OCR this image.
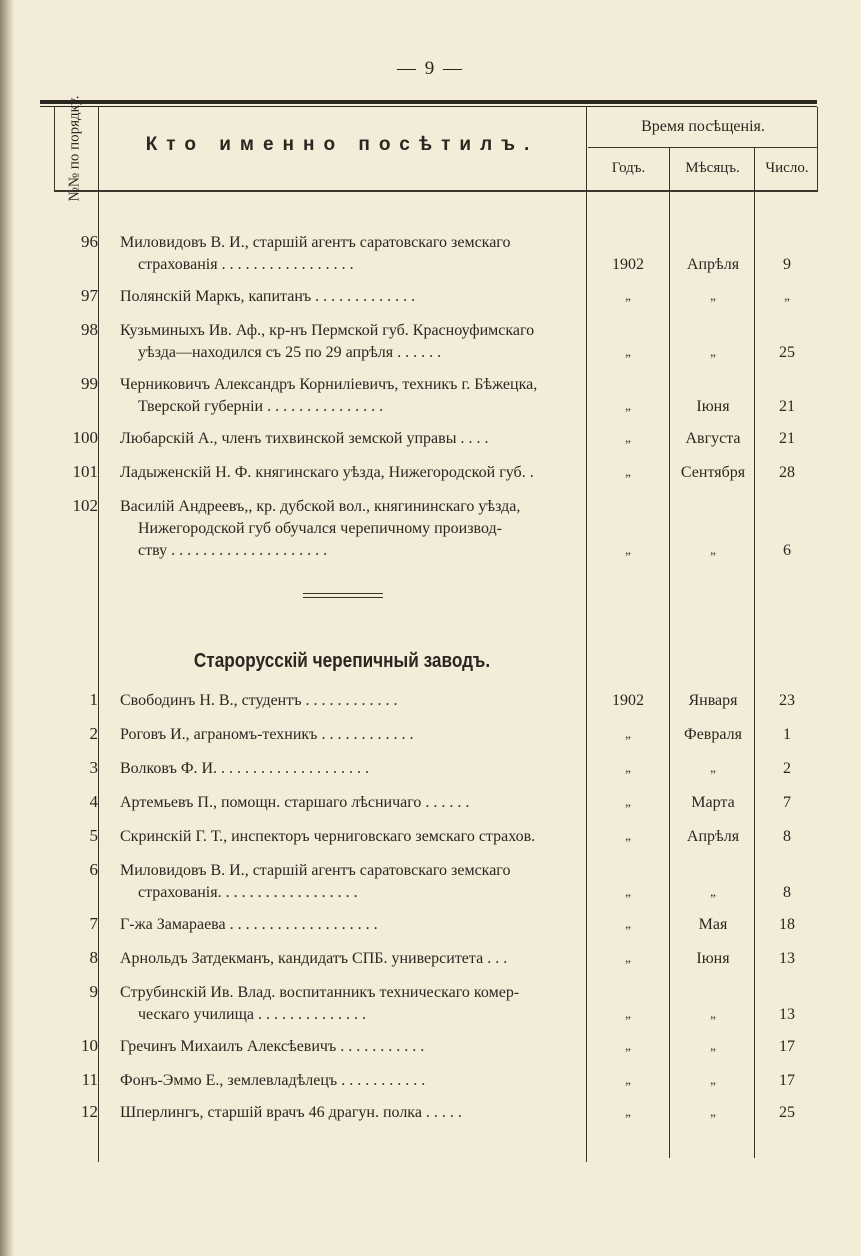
— 9 —
№№ по порядку.	Кто именно посѣтилъ.
Время посѣщенія.
Годъ.	Мѣсяцъ.	Число.
96 Миловидовъ В. И., старшій агентъ саратовскаго земскаго
страхованія . . . . . . . . . . . . . . . . .	1902	Апрѣля	9
97 Полянскій Маркъ, капитанъ . . . . . . . . . . . . .	„	„	„
98 Кузьминыхъ Ив. Аф., кр-нъ Пермской губ. Красноуфимскаго
уѣзда—находился съ 25 по 29 апрѣля . . . . . .	„	„	25
99 Черниковичъ Александръ Корниліевичъ, техникъ г. Бѣжецка,
Тверской губерніи . . . . . . . . . . . . . . .	„	Іюня	21
100 Любарскій А., членъ тихвинской земской управы . . . .	„	Августа	21
101 Ладыженскій Н. Ф. княгинскаго уѣзда, Нижегородской губ. .	„	Сентября	28
102 Василій Андреевъ,, кр. дубской вол., княгининскаго уѣзда,
Нижегородской губ обучался черепичному производ-
ству . . . . . . . . . . . . . . . . . . . .	„	„	6
Старорусскій черепичный заводъ.
1 Свободинъ Н. В., студентъ . . . . . . . . . . . .	1902	Января	23
2 Роговъ И., аграномъ-техникъ . . . . . . . . . . . .	„	Февраля	1
3 Волковъ Ф. И. . . . . . . . . . . . . . . . . . . .	„	„	2
4 Артемьевъ П., помощн. старшаго лѣсничаго . . . . . .	„	Марта	7
5 Скринскій Г. Т., инспекторъ черниговскаго земскаго страхов.	„	Апрѣля	8
6 Миловидовъ В. И., старшій агентъ саратовскаго земскаго
страхованія. . . . . . . . . . . . . . . . . .	„	„	8
7 Г-жа Замараева . . . . . . . . . . . . . . . . . . .	„	Мая	18
8 Арнольдъ Затдекманъ, кандидатъ СПБ. университета . . .	„	Іюня	13
9 Струбинскій Ив. Влад. воспитанникъ техническаго комер-
ческаго училища . . . . . . . . . . . . . .	„	„	13
10 Гречинъ Михаилъ Алексѣевичъ . . . . . . . . . . .	„	„	17
11 Фонъ-Эммо Е., землевладѣлецъ . . . . . . . . . . .	„	„	17
12 Шперлингъ, старшій врачъ 46 драгун. полка . . . . .	„	„	25
